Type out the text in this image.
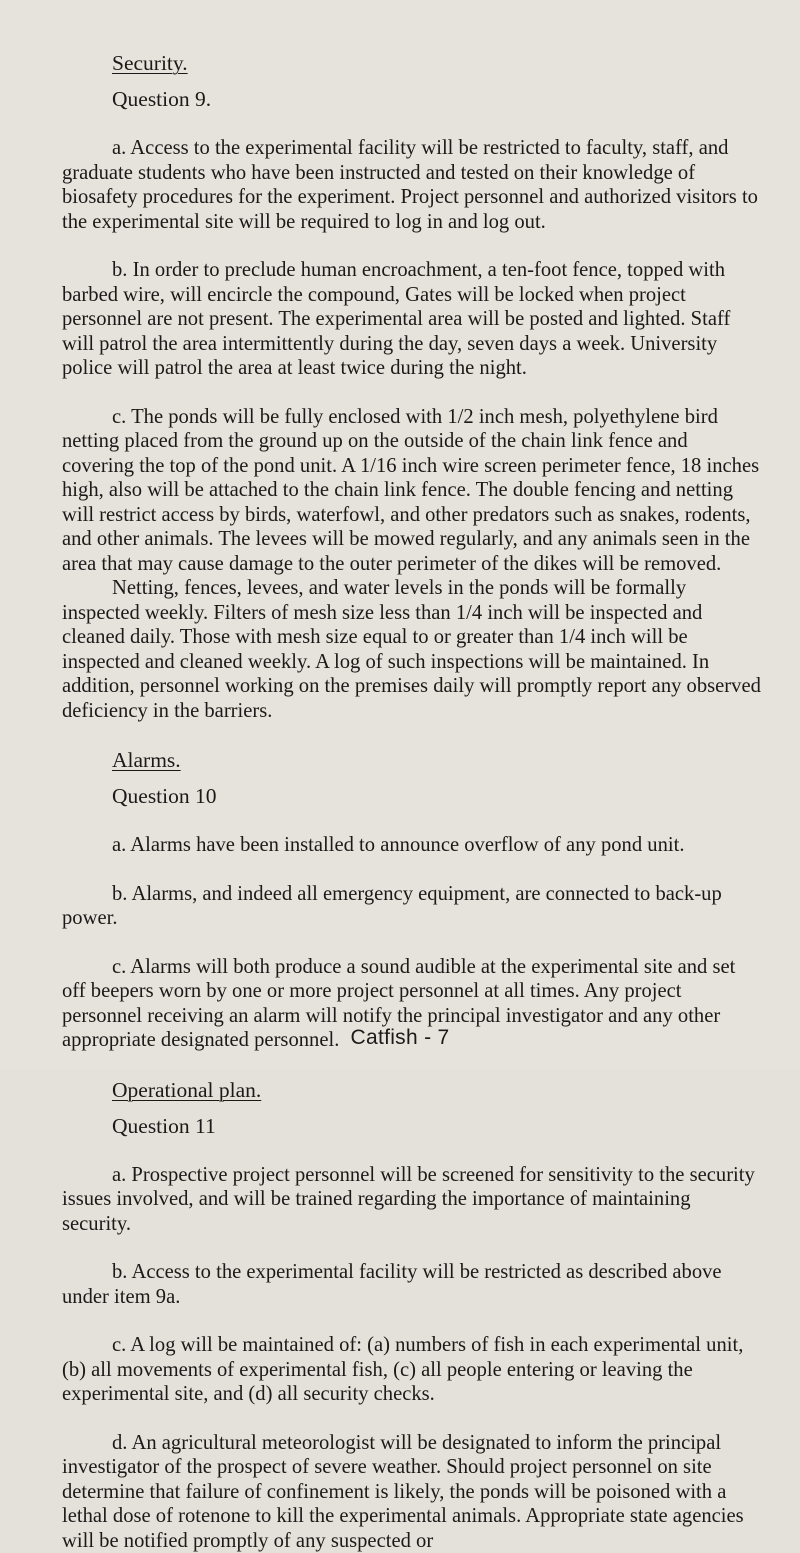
Security.
Question 9.

a. Access to the experimental facility will be restricted to faculty, staff, and graduate students who have been instructed and tested on their knowledge of biosafety procedures for the experiment. Project personnel and authorized visitors to the experimental site will be required to log in and log out.

b. In order to preclude human encroachment, a ten-foot fence, topped with barbed wire, will encircle the compound, Gates will be locked when project personnel are not present. The experimental area will be posted and lighted. Staff will patrol the area intermittently during the day, seven days a week. University police will patrol the area at least twice during the night.

c. The ponds will be fully enclosed with 1/2 inch mesh, polyethylene bird netting placed from the ground up on the outside of the chain link fence and covering the top of the pond unit. A 1/16 inch wire screen perimeter fence, 18 inches high, also will be attached to the chain link fence. The double fencing and netting will restrict access by birds, waterfowl, and other predators such as snakes, rodents, and other animals. The levees will be mowed regularly, and any animals seen in the area that may cause damage to the outer perimeter of the dikes will be removed.

Netting, fences, levees, and water levels in the ponds will be formally inspected weekly. Filters of mesh size less than 1/4 inch will be inspected and cleaned daily. Those with mesh size equal to or greater than 1/4 inch will be inspected and cleaned weekly. A log of such inspections will be maintained. In addition, personnel working on the premises daily will promptly report any observed deficiency in the barriers.

Alarms.
Question 10

a. Alarms have been installed to announce overflow of any pond unit.

b. Alarms, and indeed all emergency equipment, are connected to back-up power.

c. Alarms will both produce a sound audible at the experimental site and set off beepers worn by one or more project personnel at all times. Any project personnel receiving an alarm will notify the principal investigator and any other appropriate designated personnel.

Operational plan.
Question 11

a. Prospective project personnel will be screened for sensitivity to the security issues involved, and will be trained regarding the importance of maintaining security.

b. Access to the experimental facility will be restricted as described above under item 9a.

c. A log will be maintained of: (a) numbers of fish in each experimental unit, (b) all movements of experimental fish, (c) all people entering or leaving the experimental site, and (d) all security checks.

d. An agricultural meteorologist will be designated to inform the principal investigator of the prospect of severe weather. Should project personnel on site determine that failure of confinement is likely, the ponds will be poisoned with a lethal dose of rotenone to kill the experimental animals. Appropriate state agencies will be notified promptly of any suspected or

Catfish - 7
